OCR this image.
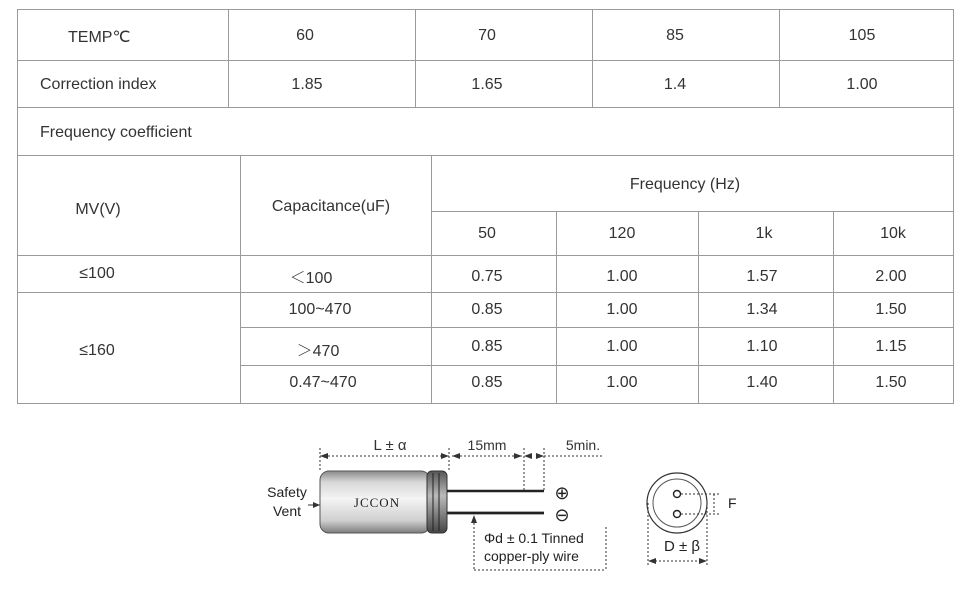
TEMP℃	60	70	85	105
Correction index	1.85	1.65	1.4	1.00
Frequency coefficient
MV(V)	Capacitance(uF)
Frequency (Hz)
50	120	1k	10k
≤100	＜100	0.75	1.00	1.57	2.00
≤160
100~470	0.85	1.00	1.34	1.50
＞470	0.85	1.00	1.10	1.15
0.47~470	0.85	1.00	1.40	1.50
L ± α	15mm	5min.
JCCON	⊕
⊖
Safety
Vent
Φd ± 0.1 Tinned
copper-ply wire
F
D ± β
